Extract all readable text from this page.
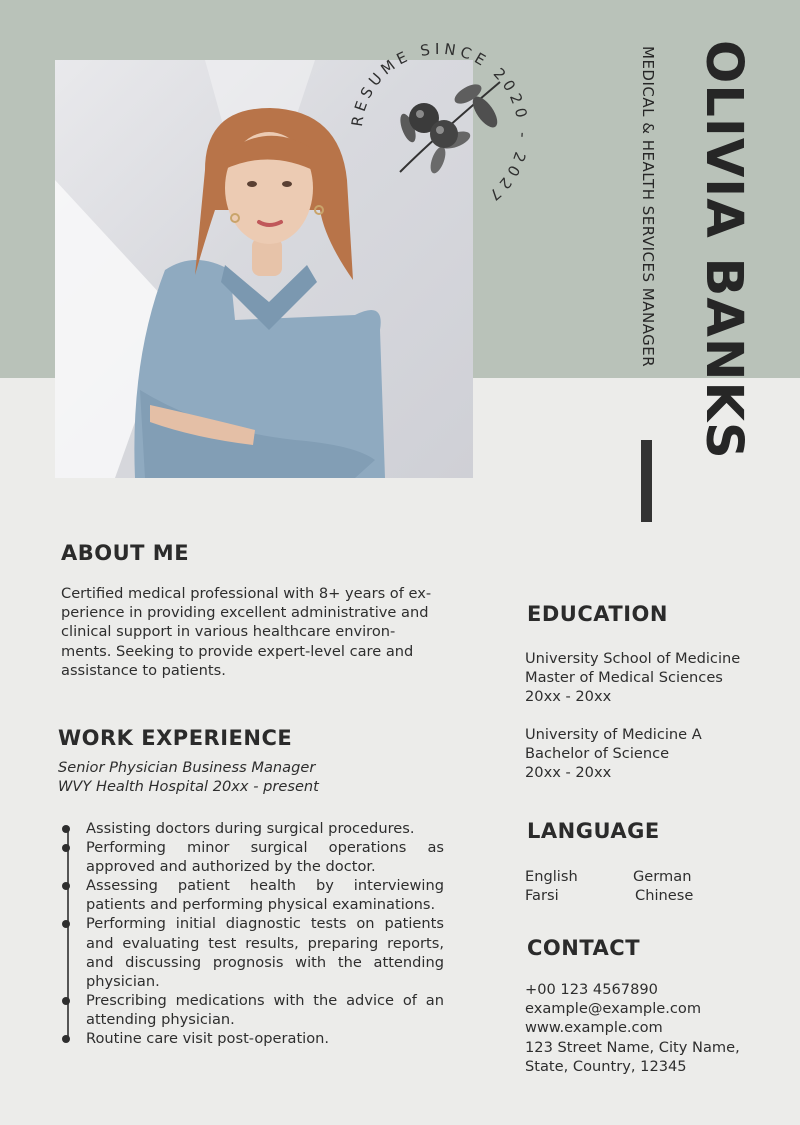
RESUME SINCE 2020 - 2027	OLIVIA BANKS
MEDICAL & HEALTH SERVICES MANAGER
ABOUT ME
Certified medical professional with 8+ years of ex-
perience in providing excellent administrative and
clinical support in various healthcare environ-
ments. Seeking to provide expert-level care and
assistance to patients.
WORK EXPERIENCE
Senior Physician Business Manager
WVY Health Hospital 20xx - present
Assisting doctors during surgical procedures.
Performing minor surgical operations as approved and authorized by the doctor.
Assessing patient health by interviewing patients and performing physical examinations.
Performing initial diagnostic tests on patients and evaluating test results, preparing reports, and discussing prognosis with the attending physician.
Prescribing medications with the advice of an attending physician.
Routine care visit post-operation.
EDUCATION
University School of Medicine
Master of Medical Sciences
20xx - 20xx
University of Medicine A
Bachelor of Science
20xx - 20xx
LANGUAGE
English	German
Farsi	Chinese
CONTACT
+00 123 4567890
example@example.com
www.example.com
123 Street Name, City Name,
State, Country, 12345
